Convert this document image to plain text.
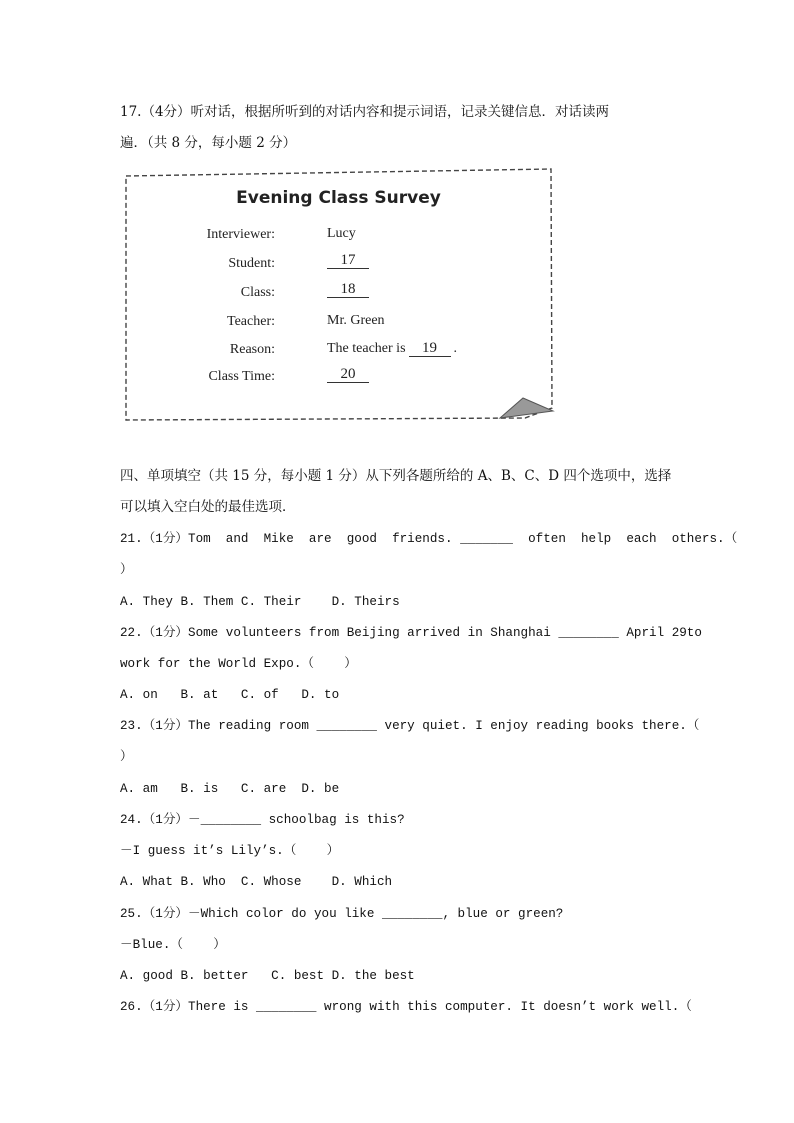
17.（4分）听对话，根据所听到的对话内容和提示词语，记录关键信息．对话读两
遍．（共 8 分，每小题 2 分）
Evening Class Survey
Interviewer:	Lucy
Student:	17
Class:	18
Teacher:	Mr. Green
Reason:	The teacher is 19 .
Class Time:	20
四、单项填空（共 15 分，每小题 1 分）从下列各题所给的 A、B、C、D 四个选项中，选择
可以填入空白处的最佳选项．
21.（1分）Tom  and  Mike  are  good  friends. _______  often  help  each  others.（
）
A. They B. Them C. Their    D. Theirs
22.（1分）Some volunteers from Beijing arrived in Shanghai ________ April 29to
work for the World Expo.（    ）
A. on   B. at   C. of   D. to
23.（1分）The reading room ________ very quiet. I enjoy reading books there.（
）
A. am   B. is   C. are  D. be
24.（1分）－________ schoolbag is this?
－I guess it’s Lily’s.（    ）
A. What B. Who  C. Whose    D. Which
25.（1分）－Which color do you like ________, blue or green?
－Blue.（    ）
A. good B. better   C. best D. the best
26.（1分）There is ________ wrong with this computer. It doesn’t work well.（
